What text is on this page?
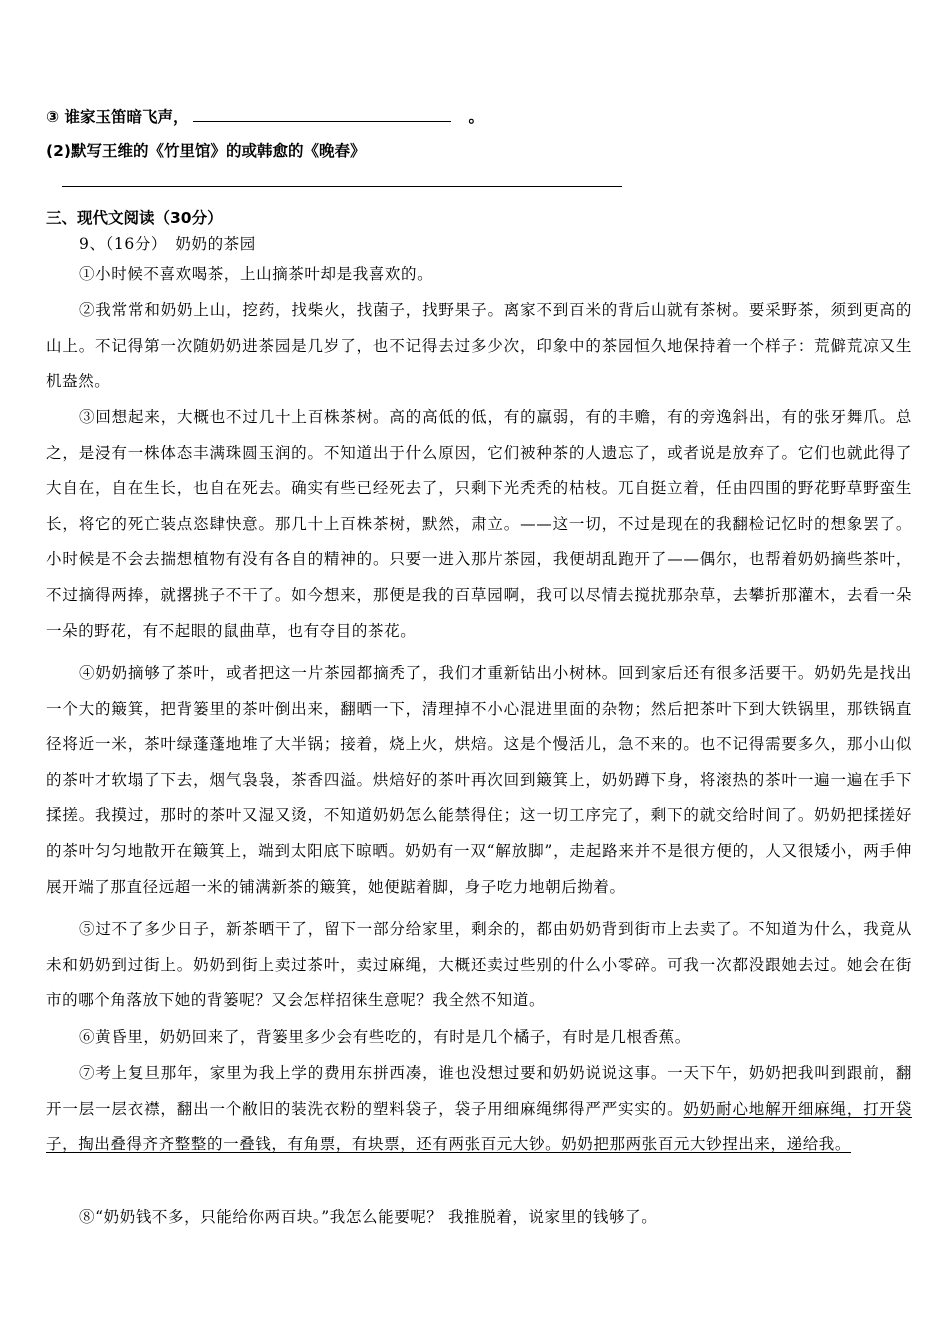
③ 谁家玉笛暗飞声，	。
(2)默写王维的《竹里馆》的或韩愈的《晚春》
三、现代文阅读（30分）
9、（16分）　奶奶的茶园
①小时候不喜欢喝茶，上山摘茶叶却是我喜欢的。
②我常常和奶奶上山，挖药，找柴火，找菌子，找野果子。离家不到百米的背后山就有茶树。要采野茶，须到更高的山上。不记得第一次随奶奶进茶园是几岁了，也不记得去过多少次，印象中的茶园恒久地保持着一个样子：荒僻荒凉又生机盎然。
③回想起来，大概也不过几十上百株茶树。高的高低的低，有的羸弱，有的丰赡，有的旁逸斜出，有的张牙舞爪。总之，是浸有一株体态丰满珠圆玉润的。不知道出于什么原因，它们被种茶的人遗忘了，或者说是放弃了。它们也就此得了大自在，自在生长，也自在死去。确实有些已经死去了，只剩下光秃秃的枯枝。兀自挺立着，任由四围的野花野草野蛮生长，将它的死亡装点恣肆快意。那几十上百株茶树，默然，肃立。——这一切，不过是现在的我翻检记忆时的想象罢了。小时候是不会去揣想植物有没有各自的精神的。只要一进入那片茶园，我便胡乱跑开了——偶尔，也帮着奶奶摘些茶叶，不过摘得两捧，就撂挑子不干了。如今想来，那便是我的百草园啊，我可以尽情去搅扰那杂草，去攀折那灌木，去看一朵一朵的野花，有不起眼的鼠曲草，也有夺目的茶花。
④奶奶摘够了茶叶，或者把这一片茶园都摘秃了，我们才重新钻出小树林。回到家后还有很多活要干。奶奶先是找出一个大的簸箕，把背篓里的茶叶倒出来，翻晒一下，清理掉不小心混进里面的杂物；然后把茶叶下到大铁锅里，那铁锅直径将近一米，茶叶绿蓬蓬地堆了大半锅；接着，烧上火，烘焙。这是个慢活儿，急不来的。也不记得需要多久，那小山似的茶叶才软塌了下去，烟气袅袅，茶香四溢。烘焙好的茶叶再次回到簸箕上，奶奶蹲下身，将滚热的茶叶一遍一遍在手下揉搓。我摸过，那时的茶叶又湿又烫，不知道奶奶怎么能禁得住；这一切工序完了，剩下的就交给时间了。奶奶把揉搓好的茶叶匀匀地散开在簸箕上，端到太阳底下晾晒。奶奶有一双“解放脚”，走起路来并不是很方便的，人又很矮小，两手伸展开端了那直径远超一米的铺满新茶的簸箕，她便踮着脚，身子吃力地朝后拗着。
⑤过不了多少日子，新茶晒干了，留下一部分给家里，剩余的，都由奶奶背到街市上去卖了。不知道为什么，我竟从未和奶奶到过街上。奶奶到街上卖过茶叶，卖过麻绳，大概还卖过些别的什么小零碎。可我一次都没跟她去过。她会在街市的哪个角落放下她的背篓呢？又会怎样招徕生意呢？我全然不知道。
⑥黄昏里，奶奶回来了，背篓里多少会有些吃的，有时是几个橘子，有时是几根香蕉。
⑦考上复旦那年，家里为我上学的费用东拼西凑，谁也没想过要和奶奶说说这事。一天下午，奶奶把我叫到跟前，翻开一层一层衣襟，翻出一个敝旧的装洗衣粉的塑料袋子，袋子用细麻绳绑得严严实实的。奶奶耐心地解开细麻绳，打开袋子，掏出叠得齐齐整整的一叠钱，有角票，有块票，还有两张百元大钞。奶奶把那两张百元大钞捏出来，递给我。
⑧“奶奶钱不多，只能给你两百块。”我怎么能要呢？ 我推脱着，说家里的钱够了。
